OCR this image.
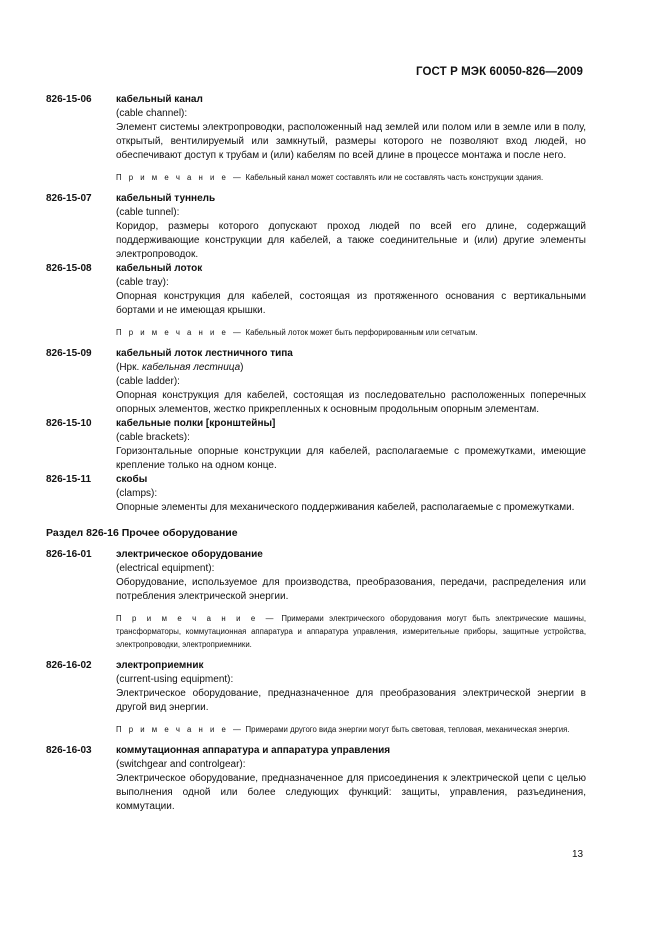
ГОСТ Р МЭК 60050-826—2009
826-15-06	кабельный канал
(cable channel):
Элемент системы электропроводки, расположенный над землей или полом или в земле или в полу, открытый, вентилируемый или замкнутый, размеры которого не позволяют вход людей, но обеспечивают доступ к трубам и (или) кабелям по всей длине в процессе монтажа и после него.
П р и м е ч а н и е — Кабельный канал может составлять или не составлять часть конструкции здания.
826-15-07	кабельный туннель
(cable tunnel):
Коридор, размеры которого допускают проход людей по всей его длине, содержащий поддерживающие конструкции для кабелей, а также соединительные и (или) другие элементы электропроводок.
826-15-08	кабельный лоток
(cable tray):
Опорная конструкция для кабелей, состоящая из протяженного основания с вертикальными бортами и не имеющая крышки.
П р и м е ч а н и е — Кабельный лоток может быть перфорированным или сетчатым.
826-15-09	кабельный лоток лестничного типа
(Нрк. кабельная лестница)
(cable ladder):
Опорная конструкция для кабелей, состоящая из последовательно расположенных поперечных опорных элементов, жестко прикрепленных к основным продольным опорным элементам.
826-15-10	кабельные полки [кронштейны]
(cable brackets):
Горизонтальные опорные конструкции для кабелей, располагаемые с промежутками, имеющие крепление только на одном конце.
826-15-11	скобы
(clamps):
Опорные элементы для механического поддерживания кабелей, располагаемые с промежутками.
Раздел 826-16 Прочее оборудование
826-16-01	электрическое оборудование
(electrical equipment):
Оборудование, используемое для производства, преобразования, передачи, распределения или потребления электрической энергии.
П р и м е ч а н и е — Примерами электрического оборудования могут быть электрические машины, трансформаторы, коммутационная аппаратура и аппаратура управления, измерительные приборы, защитные устройства, электропроводки, электроприемники.
826-16-02	электроприемник
(current-using equipment):
Электрическое оборудование, предназначенное для преобразования электрической энергии в другой вид энергии.
П р и м е ч а н и е — Примерами другого вида энергии могут быть световая, тепловая, механическая энергия.
826-16-03	коммутационная аппаратура и аппаратура управления
(switchgear and controlgear):
Электрическое оборудование, предназначенное для присоединения к электрической цепи с целью выполнения одной или более следующих функций: защиты, управления, разъединения, коммутации.
13
